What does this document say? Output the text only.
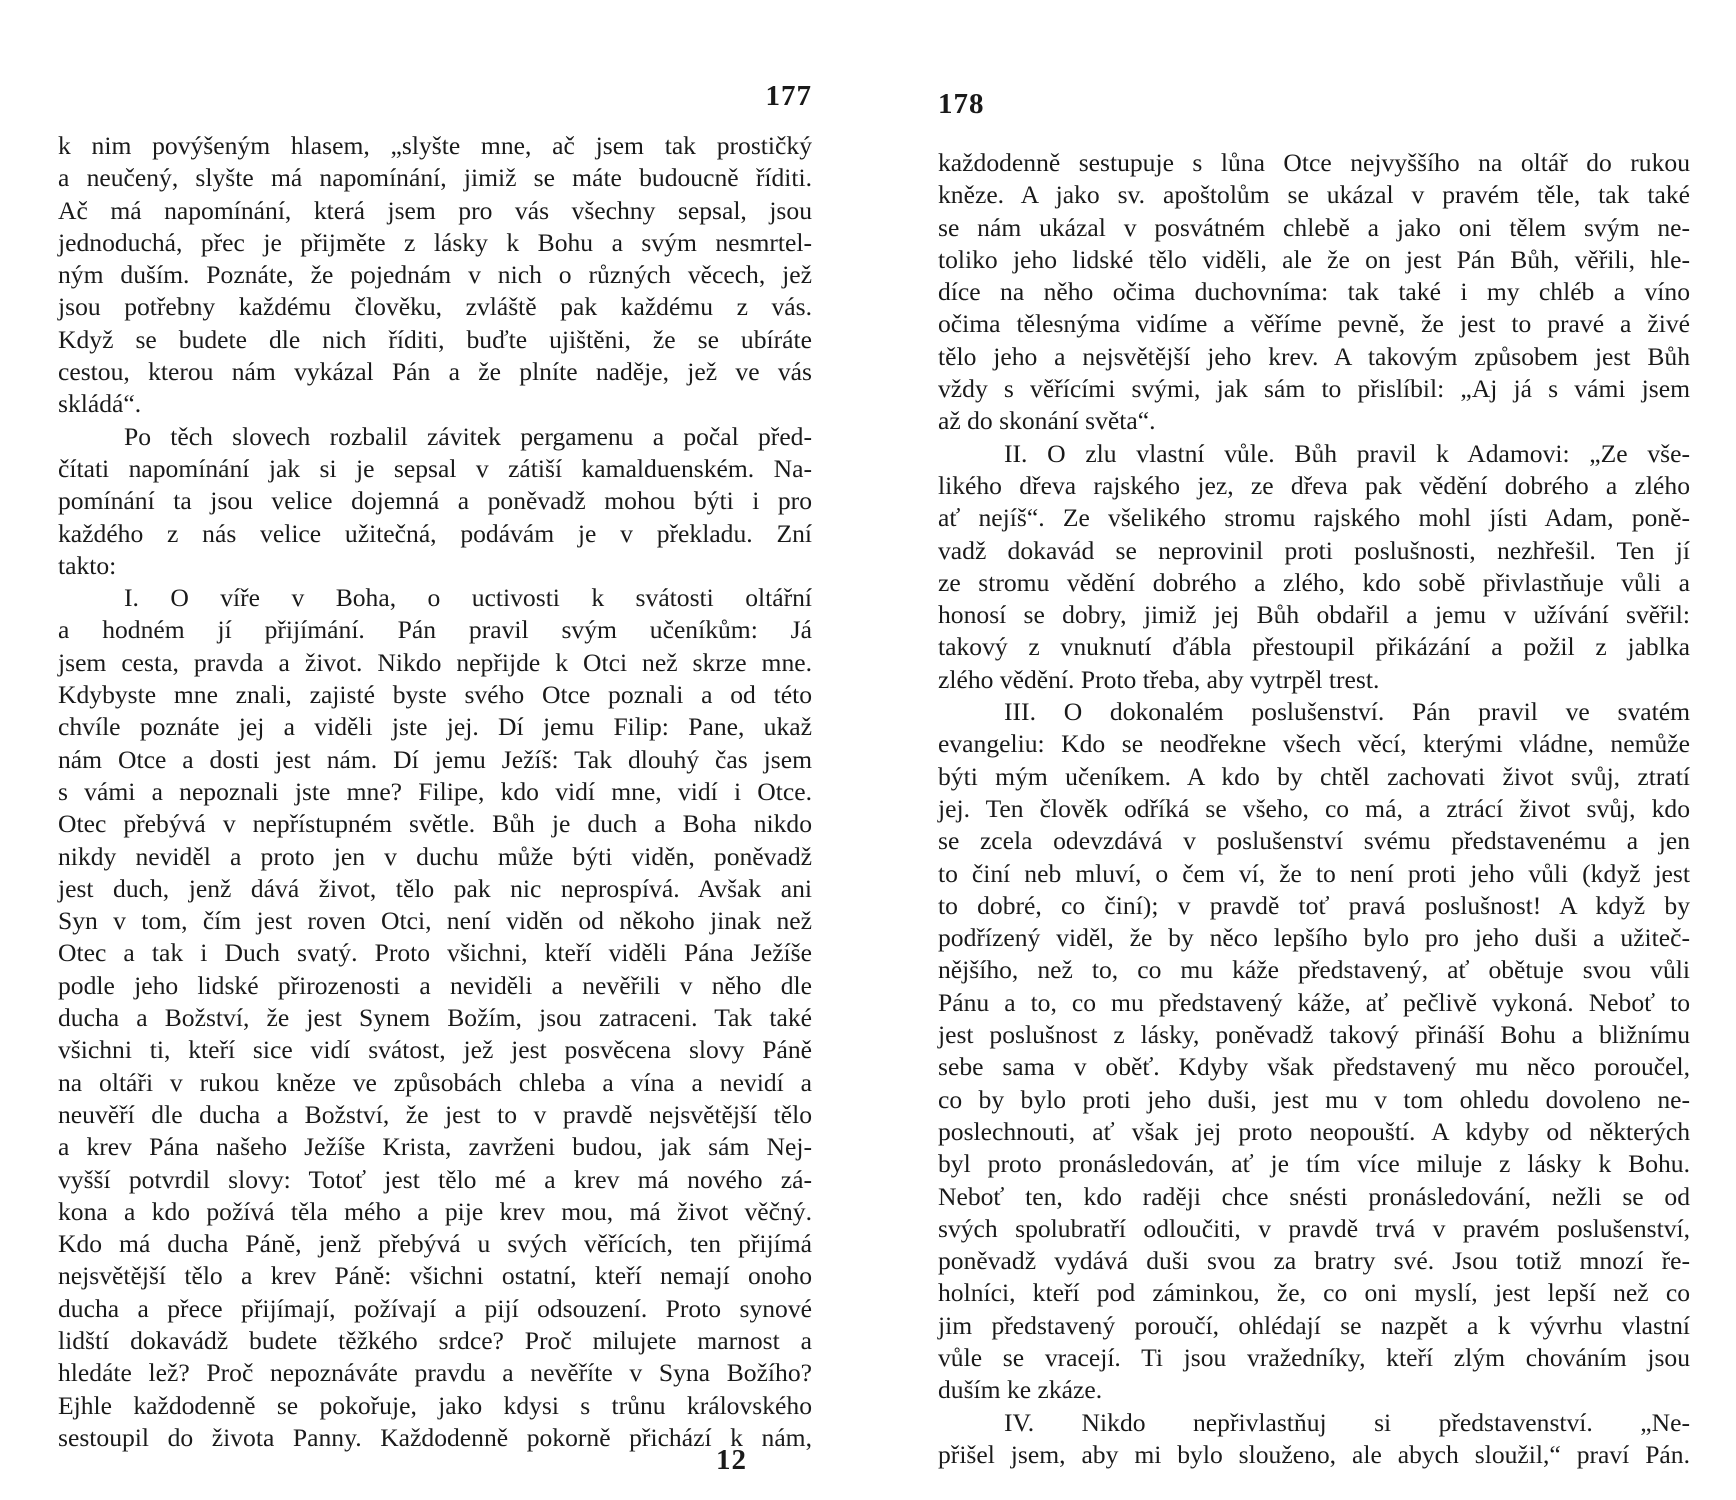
177
k nim povýšeným hlasem, „slyšte mne, ač jsem tak prostičký
a neučený, slyšte má napomínání, jimiž se máte budoucně říditi.
Ač má napomínání, která jsem pro vás všechny sepsal, jsou
jednoduchá, přec je přijměte z lásky k Bohu a svým nesmrtel-
ným duším. Poznáte, že pojednám v nich o různých věcech, jež
jsou potřebny každému člověku, zvláště pak každému z vás.
Když se budete dle nich říditi, buďte ujištěni, že se ubíráte
cestou, kterou nám vykázal Pán a že plníte naděje, jež ve vás
skládá“.
Po těch slovech rozbalil závitek pergamenu a počal před-
čítati napomínání jak si je sepsal v zátiší kamalduenském. Na-
pomínání ta jsou velice dojemná a poněvadž mohou býti i pro
každého z nás velice užitečná, podávám je v překladu. Zní
takto:
I. O víře v Boha, o uctivosti k svátosti oltářní
a hodném jí přijímání. Pán pravil svým učeníkům: Já
jsem cesta, pravda a život. Nikdo nepřijde k Otci než skrze mne.
Kdybyste mne znali, zajisté byste svého Otce poznali a od této
chvíle poznáte jej a viděli jste jej. Dí jemu Filip: Pane, ukaž
nám Otce a dosti jest nám. Dí jemu Ježíš: Tak dlouhý čas jsem
s vámi a nepoznali jste mne? Filipe, kdo vidí mne, vidí i Otce.
Otec přebývá v nepřístupném světle. Bůh je duch a Boha nikdo
nikdy neviděl a proto jen v duchu může býti viděn, poněvadž
jest duch, jenž dává život, tělo pak nic neprospívá. Avšak ani
Syn v tom, čím jest roven Otci, není viděn od někoho jinak než
Otec a tak i Duch svatý. Proto všichni, kteří viděli Pána Ježíše
podle jeho lidské přirozenosti a neviděli a nevěřili v něho dle
ducha a Božství, že jest Synem Božím, jsou zatraceni. Tak také
všichni ti, kteří sice vidí svátost, jež jest posvěcena slovy Páně
na oltáři v rukou kněze ve způsobách chleba a vína a nevidí a
neuvěří dle ducha a Božství, že jest to v pravdě nejsvětější tělo
a krev Pána našeho Ježíše Krista, zavrženi budou, jak sám Nej-
vyšší potvrdil slovy: Totoť jest tělo mé a krev má nového zá-
kona a kdo požívá těla mého a pije krev mou, má život věčný.
Kdo má ducha Páně, jenž přebývá u svých věřících, ten přijímá
nejsvětější tělo a krev Páně: všichni ostatní, kteří nemají onoho
ducha a přece přijímají, požívají a pijí odsouzení. Proto synové
lidští dokavádž budete těžkého srdce? Proč milujete marnost a
hledáte lež? Proč nepoznáváte pravdu a nevěříte v Syna Božího?
Ejhle každodenně se pokořuje, jako kdysi s trůnu královského
sestoupil do života Panny. Každodenně pokorně přichází k nám,
12
178
každodenně sestupuje s lůna Otce nejvyššího na oltář do rukou
kněze. A jako sv. apoštolům se ukázal v pravém těle, tak také
se nám ukázal v posvátném chlebě a jako oni tělem svým ne-
toliko jeho lidské tělo viděli, ale že on jest Pán Bůh, věřili, hle-
díce na něho očima duchovníma: tak také i my chléb a víno
očima tělesnýma vidíme a věříme pevně, že jest to pravé a živé
tělo jeho a nejsvětější jeho krev. A takovým způsobem jest Bůh
vždy s věřícími svými, jak sám to přislíbil: „Aj já s vámi jsem
až do skonání světa“.
II. O zlu vlastní vůle. Bůh pravil k Adamovi: „Ze vše-
likého dřeva rajského jez, ze dřeva pak vědění dobrého a zlého
ať nejíš“. Ze všelikého stromu rajského mohl jísti Adam, poně-
vadž dokavád se neprovinil proti poslušnosti, nezhřešil. Ten jí
ze stromu vědění dobrého a zlého, kdo sobě přivlastňuje vůli a
honosí se dobry, jimiž jej Bůh obdařil a jemu v užívání svěřil:
takový z vnuknutí ďábla přestoupil přikázání a požil z jablka
zlého vědění. Proto třeba, aby vytrpěl trest.
III. O dokonalém poslušenství. Pán pravil ve svatém
evangeliu: Kdo se neodřekne všech věcí, kterými vládne, nemůže
býti mým učeníkem. A kdo by chtěl zachovati život svůj, ztratí
jej. Ten člověk odříká se všeho, co má, a ztrácí život svůj, kdo
se zcela odevzdává v poslušenství svému představenému a jen
to činí neb mluví, o čem ví, že to není proti jeho vůli (když jest
to dobré, co činí); v pravdě toť pravá poslušnost! A když by
podřízený viděl, že by něco lepšího bylo pro jeho duši a užiteč-
nějšího, než to, co mu káže představený, ať obětuje svou vůli
Pánu a to, co mu představený káže, ať pečlivě vykoná. Neboť to
jest poslušnost z lásky, poněvadž takový přináší Bohu a bližnímu
sebe sama v oběť. Kdyby však představený mu něco poroučel,
co by bylo proti jeho duši, jest mu v tom ohledu dovoleno ne-
poslechnouti, ať však jej proto neopouští. A kdyby od některých
byl proto pronásledován, ať je tím více miluje z lásky k Bohu.
Neboť ten, kdo raději chce snésti pronásledování, nežli se od
svých spolubratří odloučiti, v pravdě trvá v pravém poslušenství,
poněvadž vydává duši svou za bratry své. Jsou totiž mnozí ře-
holníci, kteří pod záminkou, že, co oni myslí, jest lepší než co
jim představený poroučí, ohlédají se nazpět a k vývrhu vlastní
vůle se vracejí. Ti jsou vražedníky, kteří zlým chováním jsou
duším ke zkáze.
IV. Nikdo nepřivlastňuj si představenství. „Ne-
přišel jsem, aby mi bylo slouženo, ale abych sloužil,“ praví Pán.
